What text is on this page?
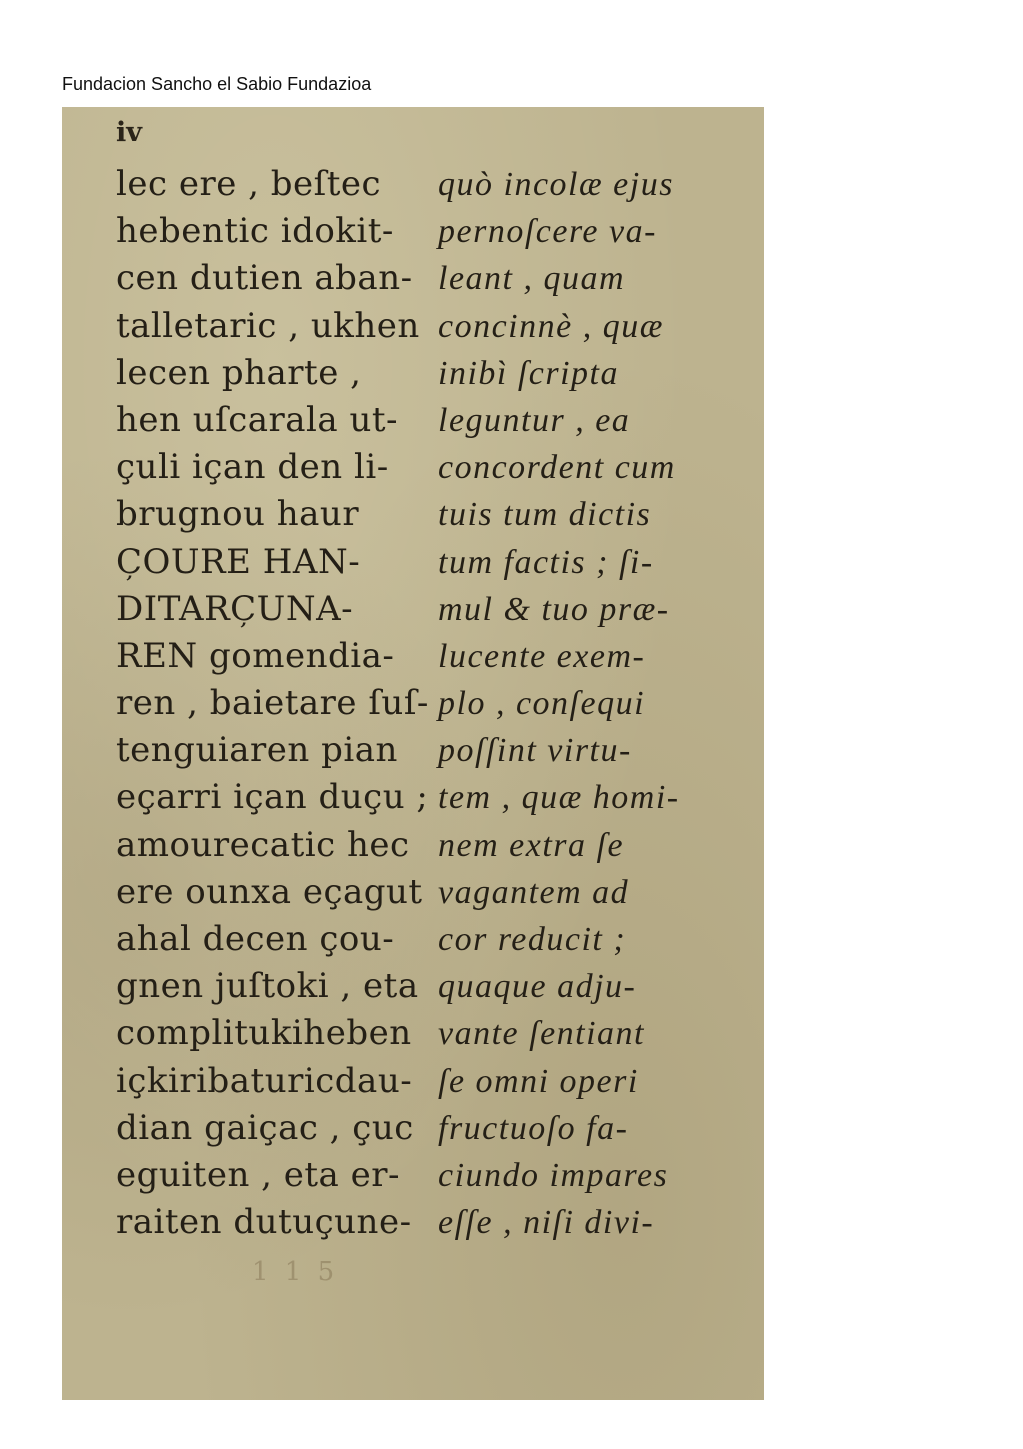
Fundacion Sancho el Sabio Fundazioa
iv
lec ere , beſtec
hebentic idokit-
cen dutien aban-
talletaric , ukhen
lecen pharte ,
hen uſcarala ut-
çuli içan den li-
brugnou haur
C̦OURE HAN-
DITARC̦UNA-
REN gomendia-
ren , baietare ſuſ-
tenguiaren pian
eçarri içan duçu ;
amourecatic hec
ere ounxa eçagut
ahal decen çou-
gnen juſtoki , eta
complitukiheben
içkiribaturicdau-
dian gaiçac , çuc
eguiten , eta er-
raiten dutuçune-
quò incolæ ejus
pernoſcere va-
leant , quam
concinnè , quæ
inibì ſcripta
leguntur , ea
concordent cum
tuis tum dictis
tum factis ; ſi-
mul & tuo præ-
lucente exem-
plo , conſequi
poſſint virtu-
tem , quæ homi-
nem extra ſe
vagantem ad
cor reducit ;
quaque adju-
vante ſentiant
ſe omni operi
fructuoſo fa-
ciundo impares
eſſe , niſi divi-
1 1 5
